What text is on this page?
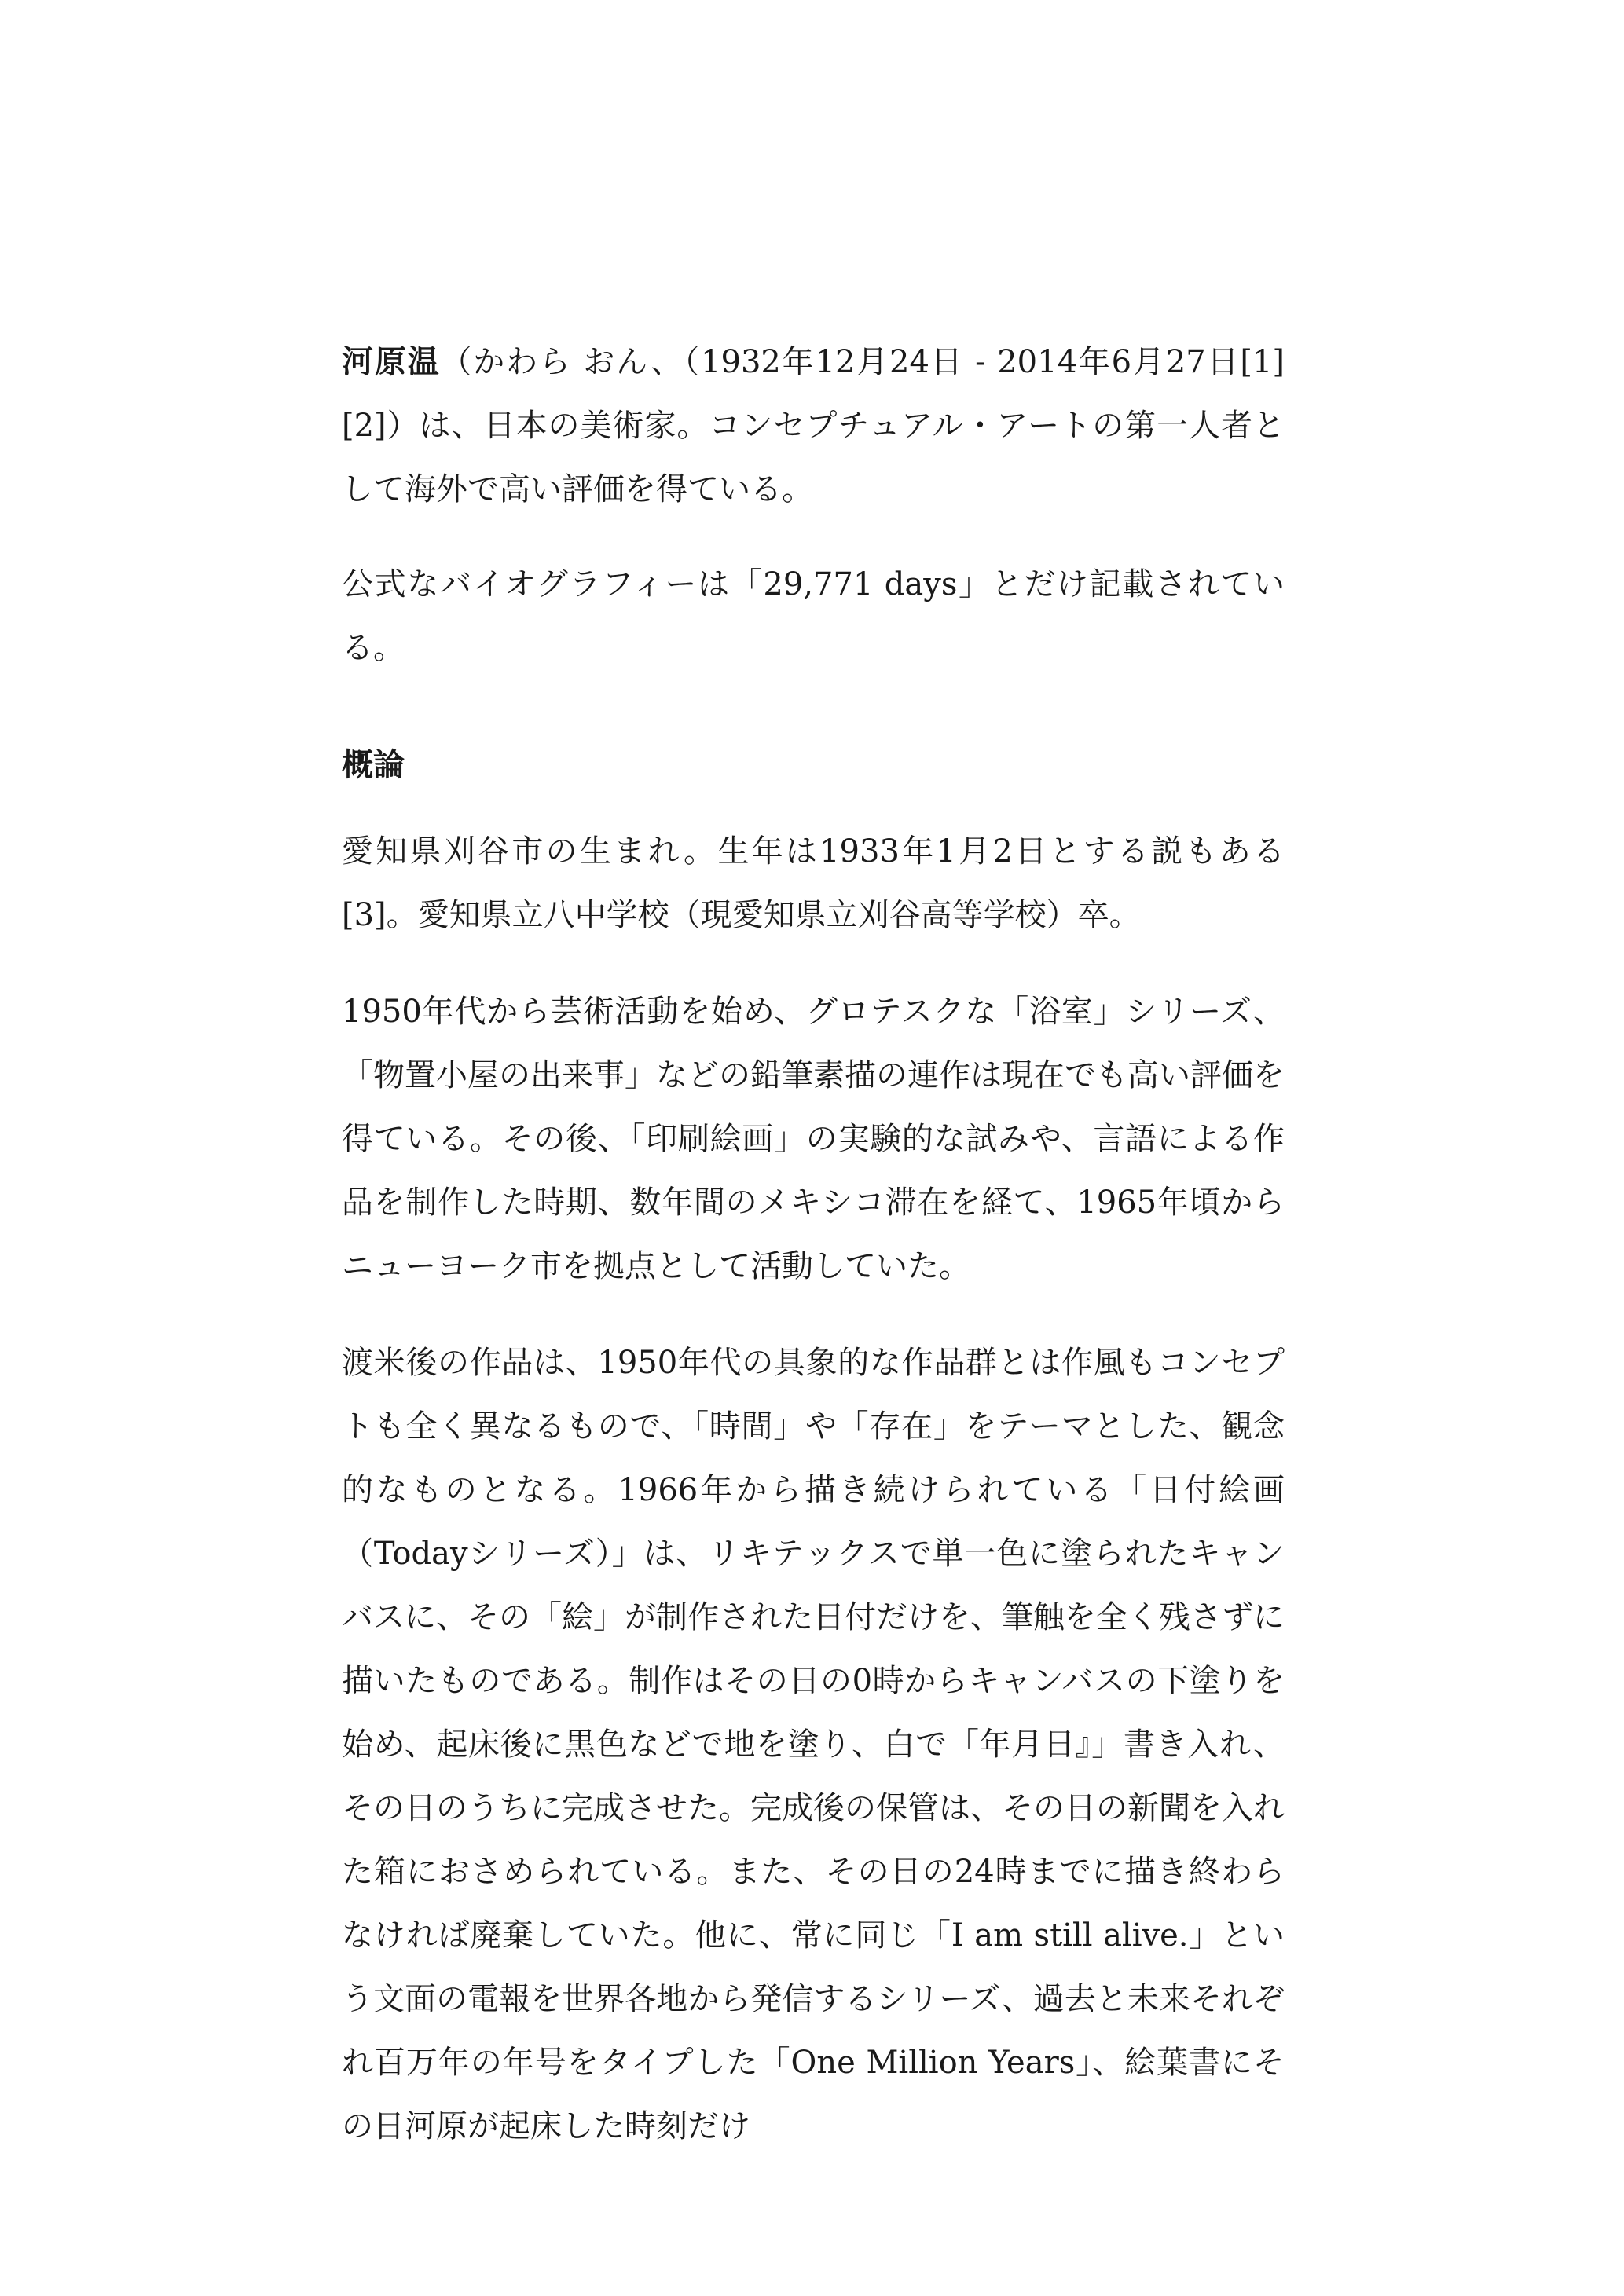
河原温（かわら おん、（1932年12月24日 - 2014年6月27日[1][2]）は、日本の美術家。コンセプチュアル・アートの第一人者として海外で高い評価を得ている。

公式なバイオグラフィーは「29,771 days」とだけ記載されている。

概論

愛知県刈谷市の生まれ。生年は1933年1月2日とする説もある[3]。愛知県立八中学校（現愛知県立刈谷高等学校）卒。

1950年代から芸術活動を始め、グロテスクな「浴室」シリーズ、「物置小屋の出来事」などの鉛筆素描の連作は現在でも高い評価を得ている。その後、「印刷絵画」の実験的な試みや、言語による作品を制作した時期、数年間のメキシコ滞在を経て、1965年頃からニューヨーク市を拠点として活動していた。

渡米後の作品は、1950年代の具象的な作品群とは作風もコンセプトも全く異なるもので、「時間」や「存在」をテーマとした、観念的なものとなる。1966年から描き続けられている「日付絵画（Todayシリーズ）」は、リキテックスで単一色に塗られたキャンバスに、その「絵」が制作された日付だけを、筆触を全く残さずに描いたものである。制作はその日の0時からキャンバスの下塗りを始め、起床後に黒色などで地を塗り、白で「年月日』」書き入れ、その日のうちに完成させた。完成後の保管は、その日の新聞を入れた箱におさめられている。また、その日の24時までに描き終わらなければ廃棄していた。他に、常に同じ「I am still alive.」という文面の電報を世界各地から発信するシリーズ、過去と未来それぞれ百万年の年号をタイプした「One Million Years」、絵葉書にその日河原が起床した時刻だけ
